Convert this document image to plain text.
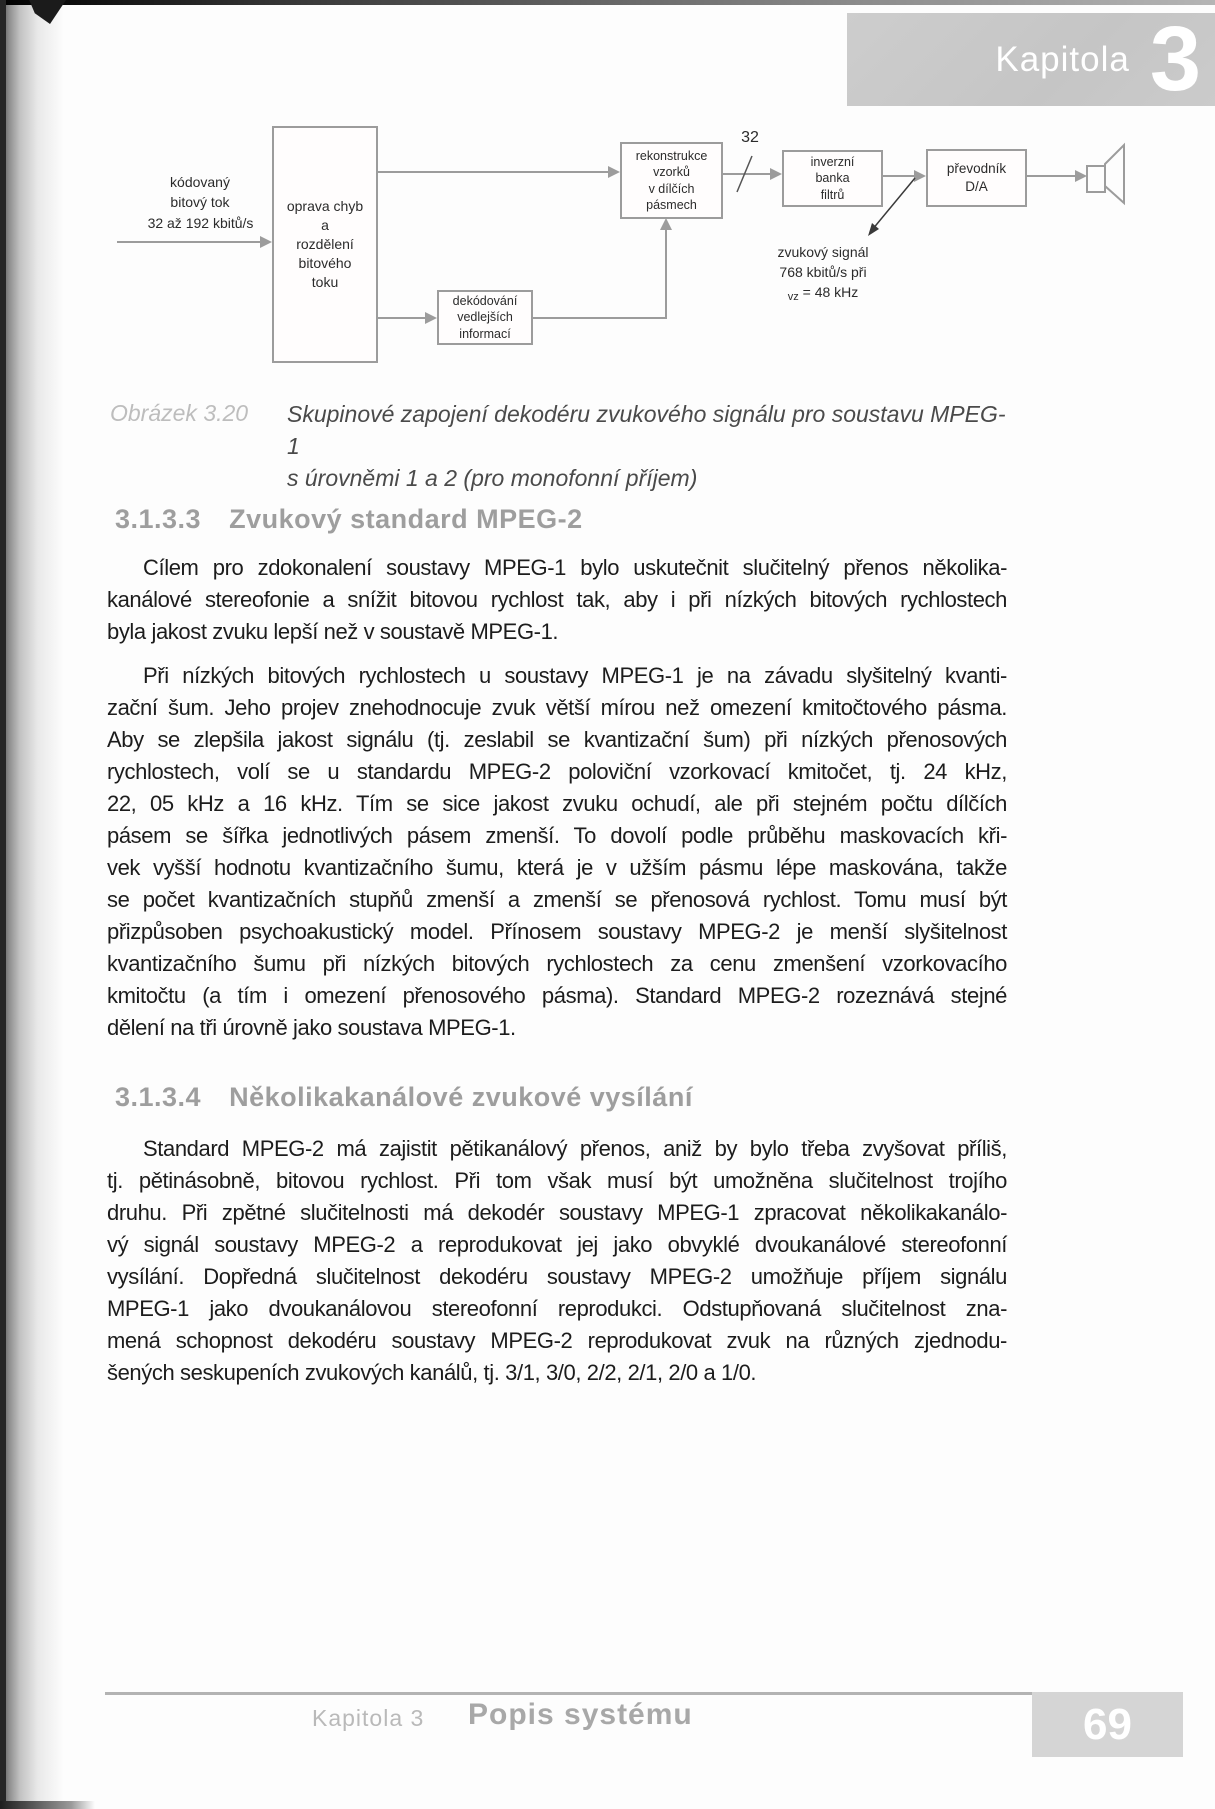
Kapitola 3
kódovaný
bitový tok
32 až 192 kbitů/s
oprava chyb
a
rozdělení
bitového
toku
rekonstrukce
vzorků
v dílčích
pásmech
inverzní
banka
filtrů
převodník
D/A
dekódování
vedlejších
informací
32
zvukový signál
768 kbitů/s při
$_{vz}$ = 48 kHz
Obrázek 3.20	Skupinové zapojení dekodéru zvukového signálu pro soustavu MPEG-1
s úrovněmi 1 a 2 (pro monofonní příjem)
3.1.3.3 Zvukový standard MPEG-2
Cílem pro zdokonalení soustavy MPEG-1 bylo uskutečnit slučitelný přenos několika-
kanálové stereofonie a snížit bitovou rychlost tak, aby i při nízkých bitových rychlostech
byla jakost zvuku lepší než v soustavě MPEG-1.
Při nízkých bitových rychlostech u soustavy MPEG-1 je na závadu slyšitelný kvanti-
zační šum. Jeho projev znehodnocuje zvuk větší mírou než omezení kmitočtového pásma.
Aby se zlepšila jakost signálu (tj. zeslabil se kvantizační šum) při nízkých přenosových
rychlostech, volí se u standardu MPEG-2 poloviční vzorkovací kmitočet, tj. 24 kHz,
22, 05 kHz a 16 kHz. Tím se sice jakost zvuku ochudí, ale při stejném počtu dílčích
pásem se šířka jednotlivých pásem zmenší. To dovolí podle průběhu maskovacích kři-
vek vyšší hodnotu kvantizačního šumu, která je v užším pásmu lépe maskována, takže
se počet kvantizačních stupňů zmenší a zmenší se přenosová rychlost. Tomu musí být
přizpůsoben psychoakustický model. Přínosem soustavy MPEG-2 je menší slyšitelnost
kvantizačního šumu při nízkých bitových rychlostech za cenu zmenšení vzorkovacího
kmitočtu (a tím i omezení přenosového pásma). Standard MPEG-2 rozeznává stejné
dělení na tři úrovně jako soustava MPEG-1.
3.1.3.4 Několikakanálové zvukové vysílání
Standard MPEG-2 má zajistit pětikanálový přenos, aniž by bylo třeba zvyšovat příliš,
tj. pětinásobně, bitovou rychlost. Při tom však musí být umožněna slučitelnost trojího
druhu. Při zpětné slučitelnosti má dekodér soustavy MPEG-1 zpracovat několikakanálo-
vý signál soustavy MPEG-2 a reprodukovat jej jako obvyklé dvoukanálové stereofonní
vysílání. Dopředná slučitelnost dekodéru soustavy MPEG-2 umožňuje příjem signálu
MPEG-1 jako dvoukanálovou stereofonní reprodukci. Odstupňovaná slučitelnost zna-
mená schopnost dekodéru soustavy MPEG-2 reprodukovat zvuk na různých zjednodu-
šených seskupeních zvukových kanálů, tj. 3/1, 3/0, 2/2, 2/1, 2/0 a 1/0.
Kapitola 3 Popis systému	69
